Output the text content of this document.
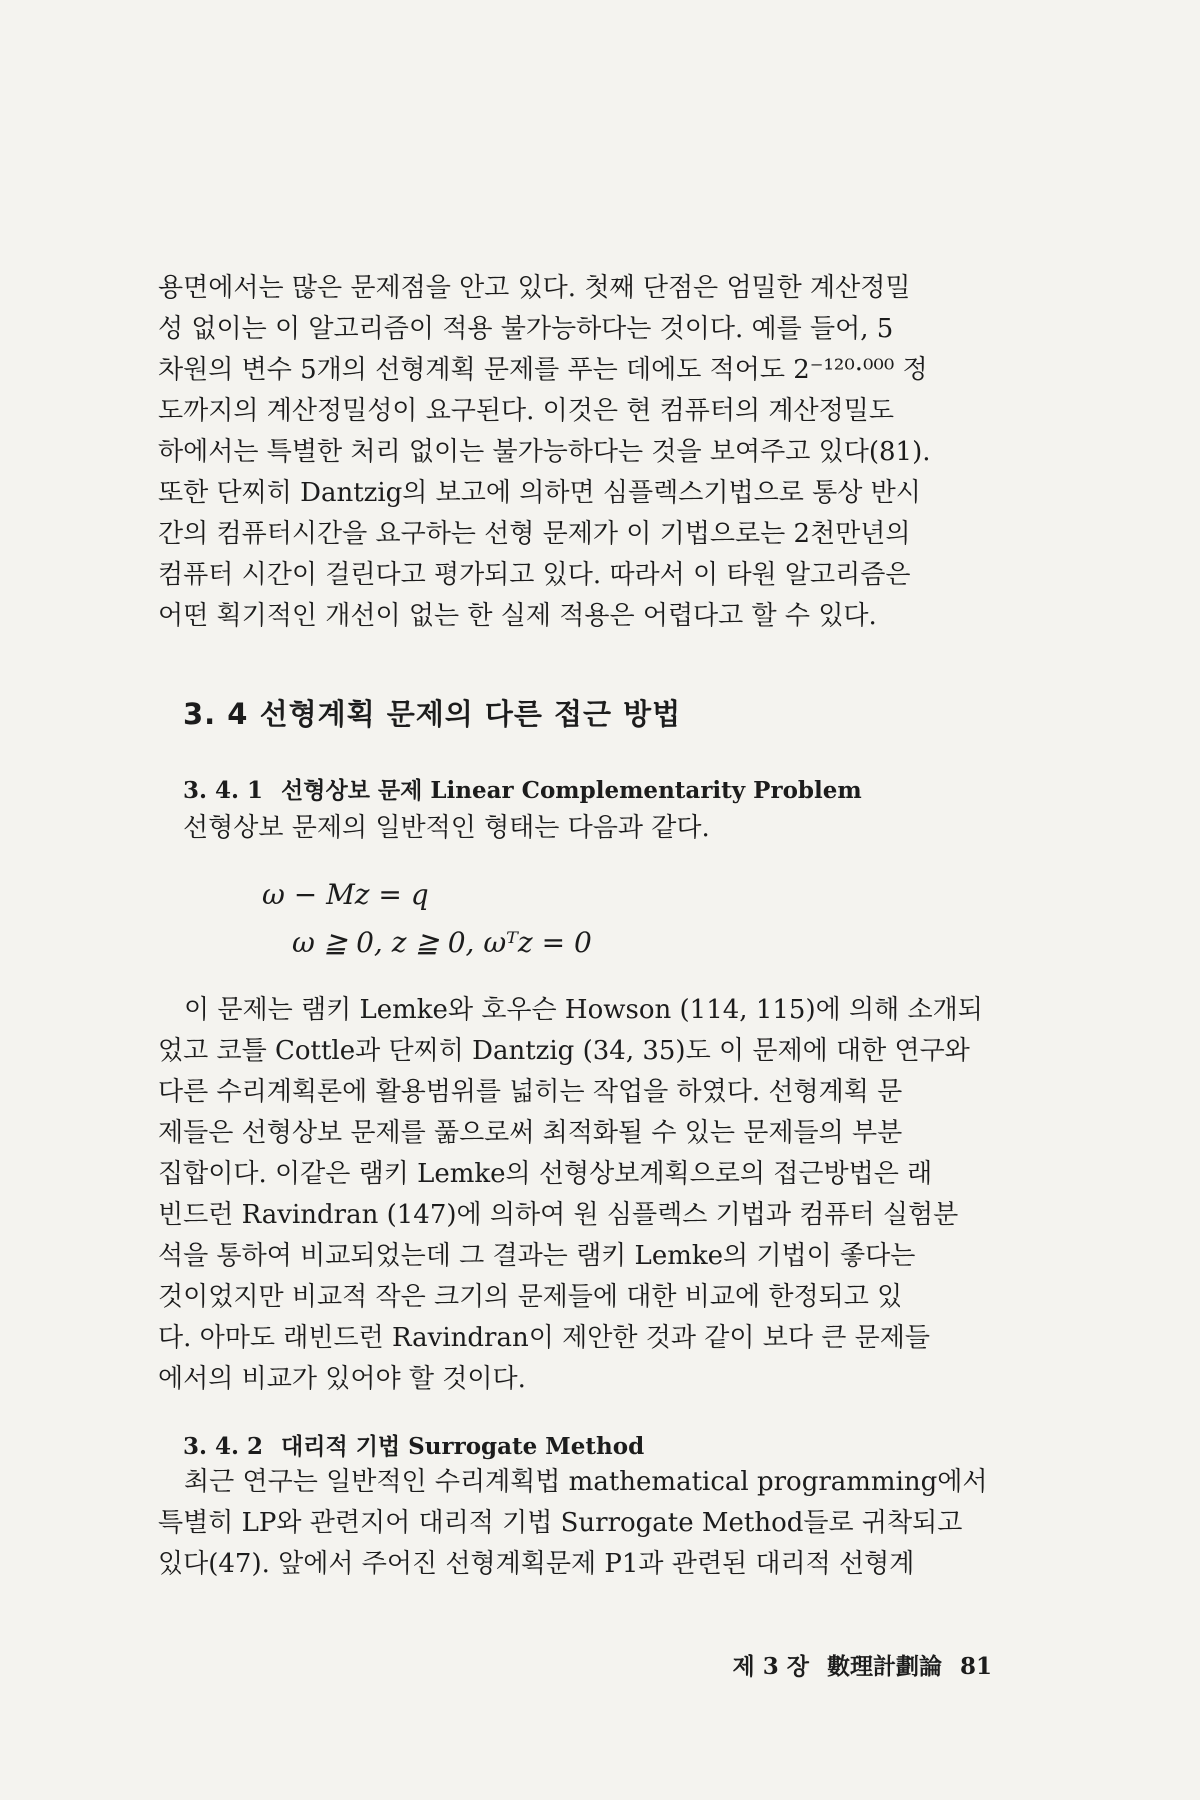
용면에서는 많은 문제점을 안고 있다. 첫째 단점은 엄밀한 계산정밀
성 없이는 이 알고리즘이 적용 불가능하다는 것이다. 예를 들어, 5
차원의 변수 5개의 선형계획 문제를 푸는 데에도 적어도 2⁻¹²⁰·⁰⁰⁰ 정
도까지의 계산정밀성이 요구된다. 이것은 현 컴퓨터의 계산정밀도
하에서는 특별한 처리 없이는 불가능하다는 것을 보여주고 있다(81).
또한 단찌히 Dantzig의 보고에 의하면 심플렉스기법으로 통상 반시
간의 컴퓨터시간을 요구하는 선형 문제가 이 기법으로는 2천만년의
컴퓨터 시간이 걸린다고 평가되고 있다. 따라서 이 타원 알고리즘은
어떤 획기적인 개선이 없는 한 실제 적용은 어렵다고 할 수 있다.

3. 4 선형계획 문제의 다른 접근 방법
3. 4. 1 선형상보 문제 Linear Complementarity Problem
선형상보 문제의 일반적인 형태는 다음과 같다.
ω − Mz = q
ω ≧ 0, z ≧ 0, ωᵀz = 0

이 문제는 램키 Lemke와 호우슨 Howson (114, 115)에 의해 소개되
었고 코틀 Cottle과 단찌히 Dantzig (34, 35)도 이 문제에 대한 연구와
다른 수리계획론에 활용범위를 넓히는 작업을 하였다. 선형계획 문
제들은 선형상보 문제를 풂으로써 최적화될 수 있는 문제들의 부분
집합이다. 이같은 램키 Lemke의 선형상보계획으로의 접근방법은 래
빈드런 Ravindran (147)에 의하여 원 심플렉스 기법과 컴퓨터 실험분
석을 통하여 비교되었는데 그 결과는 램키 Lemke의 기법이 좋다는
것이었지만 비교적 작은 크기의 문제들에 대한 비교에 한정되고 있
다. 아마도 래빈드런 Ravindran이 제안한 것과 같이 보다 큰 문제들
에서의 비교가 있어야 할 것이다.

3. 4. 2 대리적 기법 Surrogate Method

최근 연구는 일반적인 수리계획법 mathematical programming에서
특별히 LP와 관련지어 대리적 기법 Surrogate Method들로 귀착되고
있다(47). 앞에서 주어진 선형계획문제 P1과 관련된 대리적 선형계

제 3 장 數理計劃論 81
